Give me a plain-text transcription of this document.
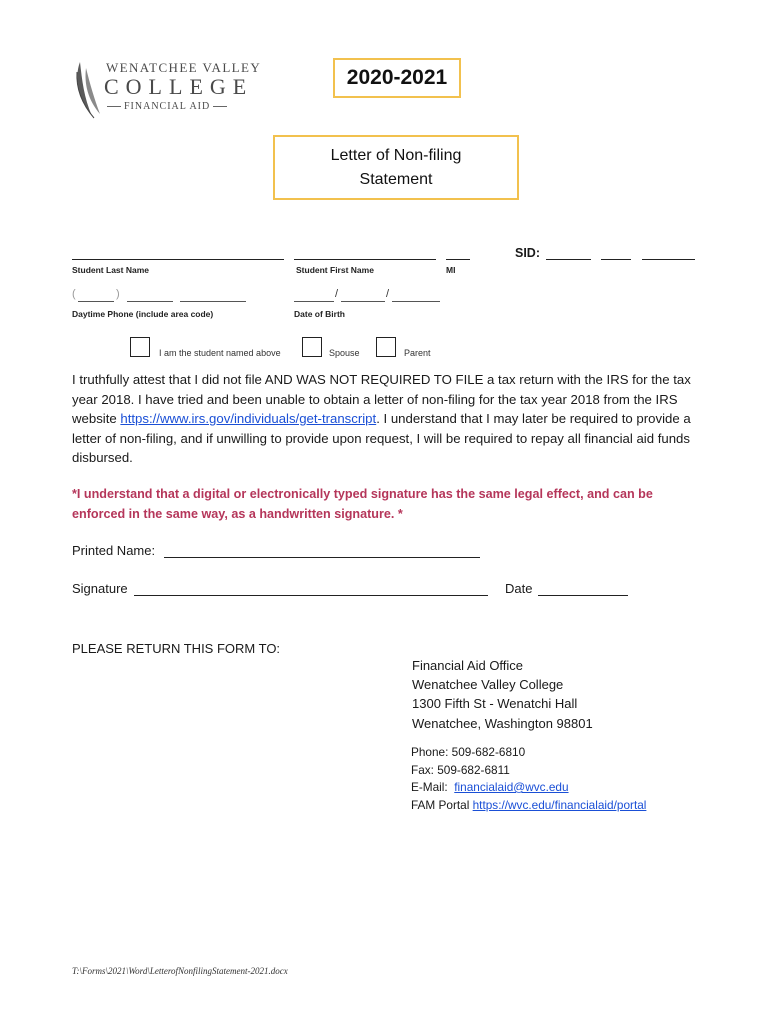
WENATCHEE VALLEY
COLLEGE
FINANCIAL AID
2020-2021
Letter of Non-filing
Statement
SID:
Student Last Name	Student First Name	MI
(	)	/	/
Daytime Phone (include area code)	Date of Birth
I am the student named above	Spouse	Parent
I truthfully attest that I did not file AND WAS NOT REQUIRED TO FILE a tax return with the IRS for the tax year 2018. I have tried and been unable to obtain a letter of non-filing for the tax year 2018 from the IRS website https://www.irs.gov/individuals/get-transcript. I understand that I may later be required to provide a letter of non-filing, and if unwilling to provide upon request, I will be required to repay all financial aid funds disbursed.
*I understand that a digital or electronically typed signature has the same legal effect, and can be enforced in the same way, as a handwritten signature. *
Printed Name:
Signature	Date
PLEASE RETURN THIS FORM TO:
Financial Aid Office
Wenatchee Valley College
1300 Fifth St - Wenatchi Hall
Wenatchee, Washington 98801
Phone: 509-682-6810
Fax: 509-682-6811
E-Mail:  financialaid@wvc.edu
FAM Portal https://wvc.edu/financialaid/portal
T:\Forms\2021\Word\LetterofNonfilingStatement-2021.docx
